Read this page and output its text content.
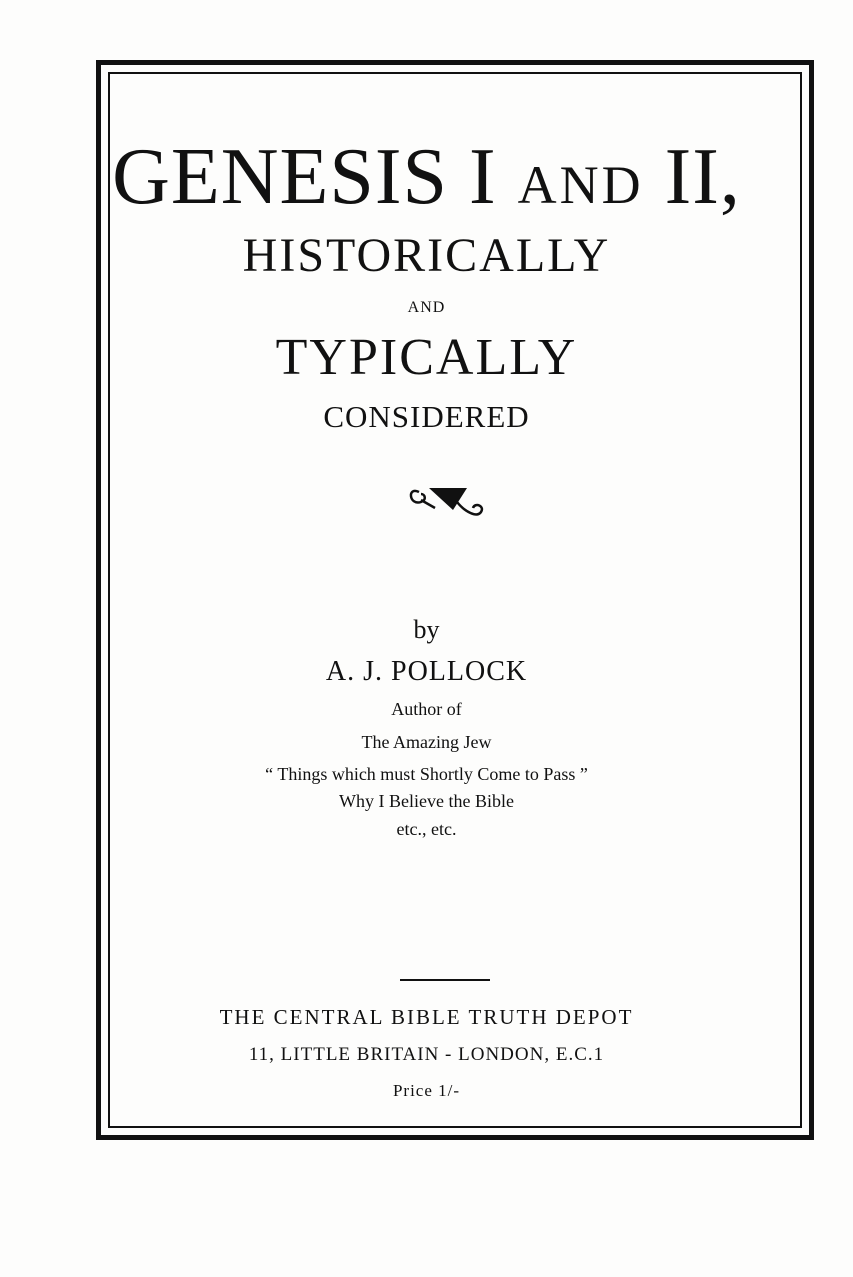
GENESIS I AND II,
HISTORICALLY
AND
TYPICALLY
CONSIDERED
by
A. J. POLLOCK
Author of
The Amazing Jew
“ Things which must Shortly Come to Pass ”
Why I Believe the Bible
etc., etc.
THE CENTRAL BIBLE TRUTH DEPOT
11, LITTLE BRITAIN - LONDON, E.C.1
Price 1/-
